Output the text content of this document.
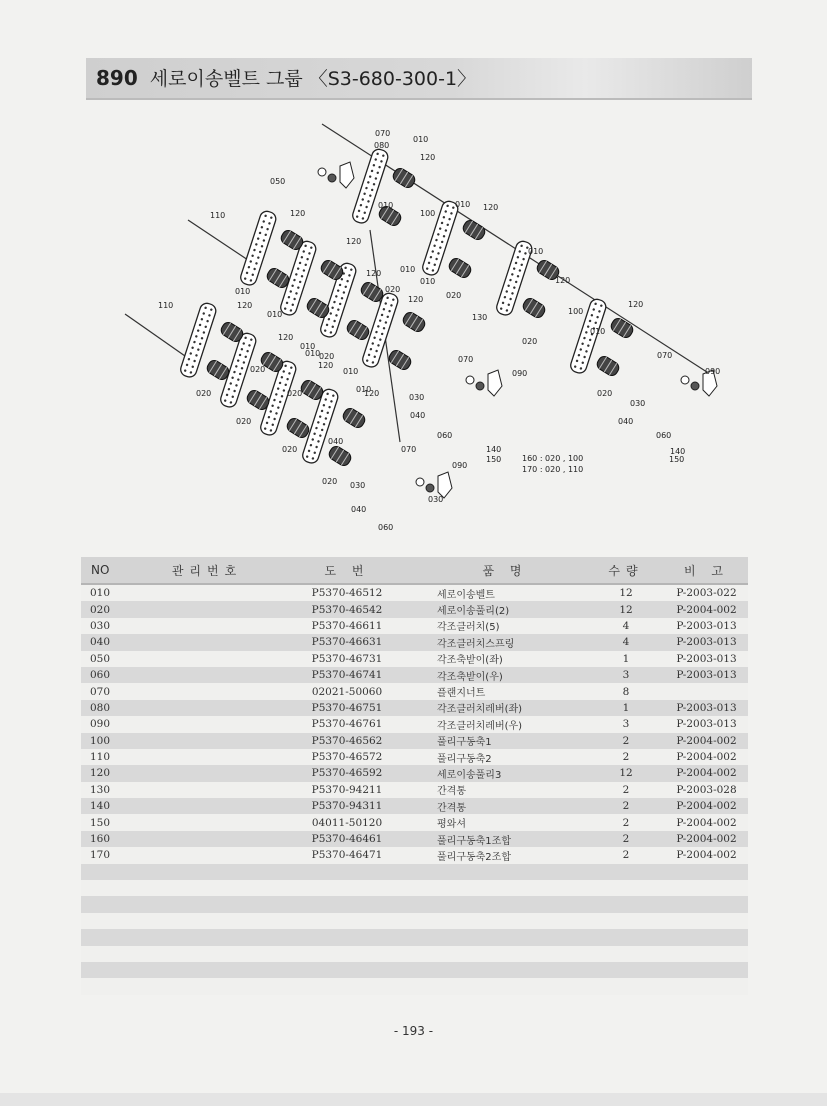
890 세로이송벨트 그룹 〈S3-680-300-1〉
010
010	010
010
010
010
010
010
010
010
010
010
010
020
020
020
020
020
020
020
020
020
020
020
030
030
030
030
040
040
040
040
050
060	060
060
070
070	070
070
080
090	090
090
100
100
110
110
120
120
120
120
120
120
120
120
120
120
120
120
130
140	140
150	150
160 : 020 , 100
170 : 020 , 110
NO	관리번호	도 번	품 명	수량	비 고
010		P5370-46512	세로이송벨트	12	P-2003-022
020		P5370-46542	세로이송풀리(2)	12	P-2004-002
030		P5370-46611	각조클러치(5)	4	P-2003-013
040		P5370-46631	각조클러치스프링	4	P-2003-013
050		P5370-46731	각조축받이(좌)	1	P-2003-013
060		P5370-46741	각조축받이(우)	3	P-2003-013
070		02021-50060	플랜지너트	8	
080		P5370-46751	각조클러치레버(좌)	1	P-2003-013
090		P5370-46761	각조클러치레버(우)	3	P-2003-013
100		P5370-46562	풀리구동축1	2	P-2004-002
110		P5370-46572	풀리구동축2	2	P-2004-002
120		P5370-46592	세로이송풀리3	12	P-2004-002
130		P5370-94211	간격통	2	P-2003-028
140		P5370-94311	간격통	2	P-2004-002
150		04011-50120	평와셔	2	P-2004-002
160		P5370-46461	풀리구동축1조합	2	P-2004-002
170		P5370-46471	풀리구동축2조합	2	P-2004-002

- 193 -
